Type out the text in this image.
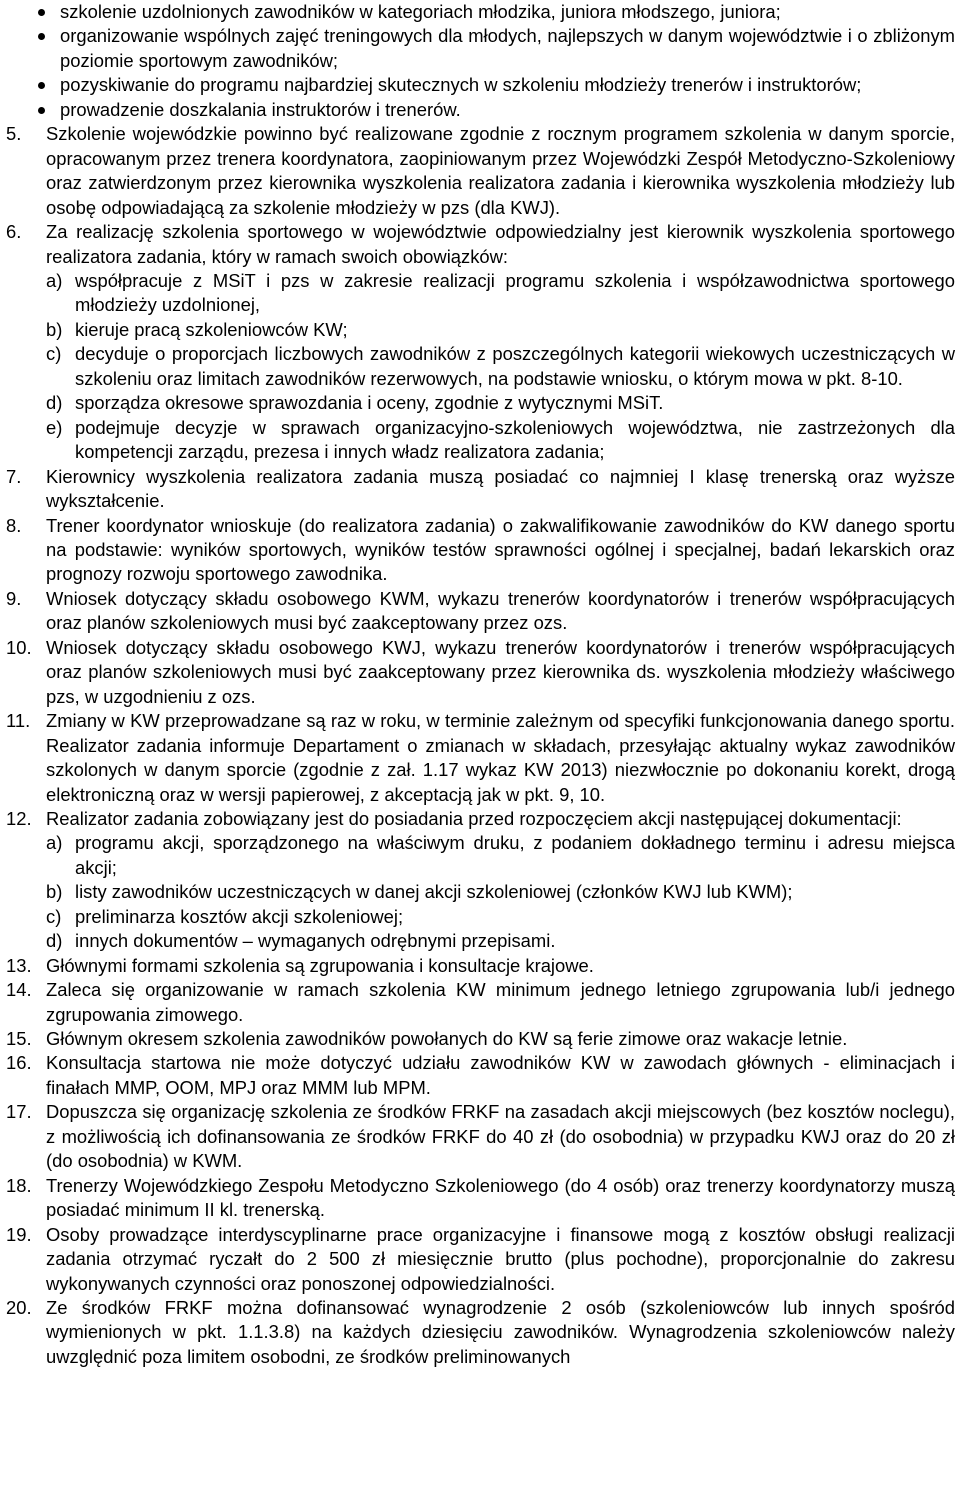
szkolenie uzdolnionych zawodników w kategoriach młodzika, juniora młodszego, juniora;
organizowanie wspólnych zajęć treningowych dla młodych, najlepszych w danym województwie i o zbliżonym poziomie sportowym zawodników;
pozyskiwanie do programu najbardziej skutecznych w szkoleniu młodzieży trenerów i instruktorów;
prowadzenie doszkalania instruktorów i trenerów.
5. Szkolenie wojewódzkie powinno być realizowane zgodnie z rocznym programem szkolenia w danym sporcie, opracowanym przez trenera koordynatora, zaopiniowanym przez Wojewódzki Zespół Metodyczno-Szkoleniowy oraz zatwierdzonym przez kierownika wyszkolenia realizatora zadania i kierownika wyszkolenia młodzieży lub osobę odpowiadającą za szkolenie młodzieży w pzs (dla KWJ).
6. Za realizację szkolenia sportowego w województwie odpowiedzialny jest kierownik wyszkolenia sportowego realizatora zadania, który w ramach swoich obowiązków:
a) współpracuje z MSiT i pzs w zakresie realizacji programu szkolenia i współzawodnictwa sportowego młodzieży uzdolnionej,
b) kieruje pracą szkoleniowców KW;
c) decyduje o proporcjach liczbowych zawodników z poszczególnych kategorii wiekowych uczestniczących w szkoleniu oraz limitach zawodników rezerwowych, na podstawie wniosku, o którym mowa w pkt. 8-10.
d) sporządza okresowe sprawozdania i oceny, zgodnie z wytycznymi MSiT.
e) podejmuje decyzje w sprawach organizacyjno-szkoleniowych województwa, nie zastrzeżonych dla kompetencji zarządu, prezesa i innych władz realizatora zadania;
7. Kierownicy wyszkolenia realizatora zadania muszą posiadać co najmniej I klasę trenerską oraz wyższe wykształcenie.
8. Trener koordynator wnioskuje (do realizatora zadania) o zakwalifikowanie zawodników do KW danego sportu na podstawie: wyników sportowych, wyników testów sprawności ogólnej i specjalnej, badań lekarskich oraz prognozy rozwoju sportowego zawodnika.
9. Wniosek dotyczący składu osobowego KWM, wykazu trenerów koordynatorów i trenerów współpracujących oraz planów szkoleniowych musi być zaakceptowany przez ozs.
10. Wniosek dotyczący składu osobowego KWJ, wykazu trenerów koordynatorów i trenerów współpracujących oraz planów szkoleniowych musi być zaakceptowany przez kierownika ds. wyszkolenia młodzieży właściwego pzs, w uzgodnieniu z ozs.
11. Zmiany w KW przeprowadzane są raz w roku, w terminie zależnym od specyfiki funkcjonowania danego sportu. Realizator zadania informuje Departament o zmianach w składach, przesyłając aktualny wykaz zawodników szkolonych w danym sporcie (zgodnie z zał. 1.17 wykaz KW 2013) niezwłocznie po dokonaniu korekt, drogą elektroniczną oraz w wersji papierowej, z akceptacją jak w pkt. 9, 10.
12. Realizator zadania zobowiązany jest do posiadania przed rozpoczęciem akcji następującej dokumentacji:
a) programu akcji, sporządzonego na właściwym druku, z podaniem dokładnego terminu i adresu miejsca akcji;
b) listy zawodników uczestniczących w danej akcji szkoleniowej (członków KWJ lub KWM);
c) preliminarza kosztów akcji szkoleniowej;
d) innych dokumentów – wymaganych odrębnymi przepisami.
13. Głównymi formami szkolenia są zgrupowania i konsultacje krajowe.
14. Zaleca się organizowanie w ramach szkolenia KW minimum jednego letniego zgrupowania lub/i jednego zgrupowania zimowego.
15. Głównym okresem szkolenia zawodników powołanych do KW są ferie zimowe oraz wakacje letnie.
16. Konsultacja startowa nie może dotyczyć udziału zawodników KW w zawodach głównych - eliminacjach i finałach MMP, OOM, MPJ oraz MMM lub MPM.
17. Dopuszcza się organizację szkolenia ze środków FRKF na zasadach akcji miejscowych (bez kosztów noclegu), z możliwością ich dofinansowania ze środków FRKF do 40 zł (do osobodnia) w przypadku KWJ oraz do 20 zł (do osobodnia) w KWM.
18. Trenerzy Wojewódzkiego Zespołu Metodyczno Szkoleniowego (do 4 osób) oraz trenerzy koordynatorzy muszą posiadać minimum II kl. trenerską.
19. Osoby prowadzące interdyscyplinarne prace organizacyjne i finansowe mogą z kosztów obsługi realizacji zadania otrzymać ryczałt do 2 500 zł miesięcznie brutto (plus pochodne), proporcjonalnie do zakresu wykonywanych czynności oraz ponoszonej odpowiedzialności.
20. Ze środków FRKF można dofinansować wynagrodzenie 2 osób (szkoleniowców lub innych spośród wymienionych w pkt. 1.1.3.8) na każdych dziesięciu zawodników. Wynagrodzenia szkoleniowców należy uwzględnić poza limitem osobodni, ze środków preliminowanych
